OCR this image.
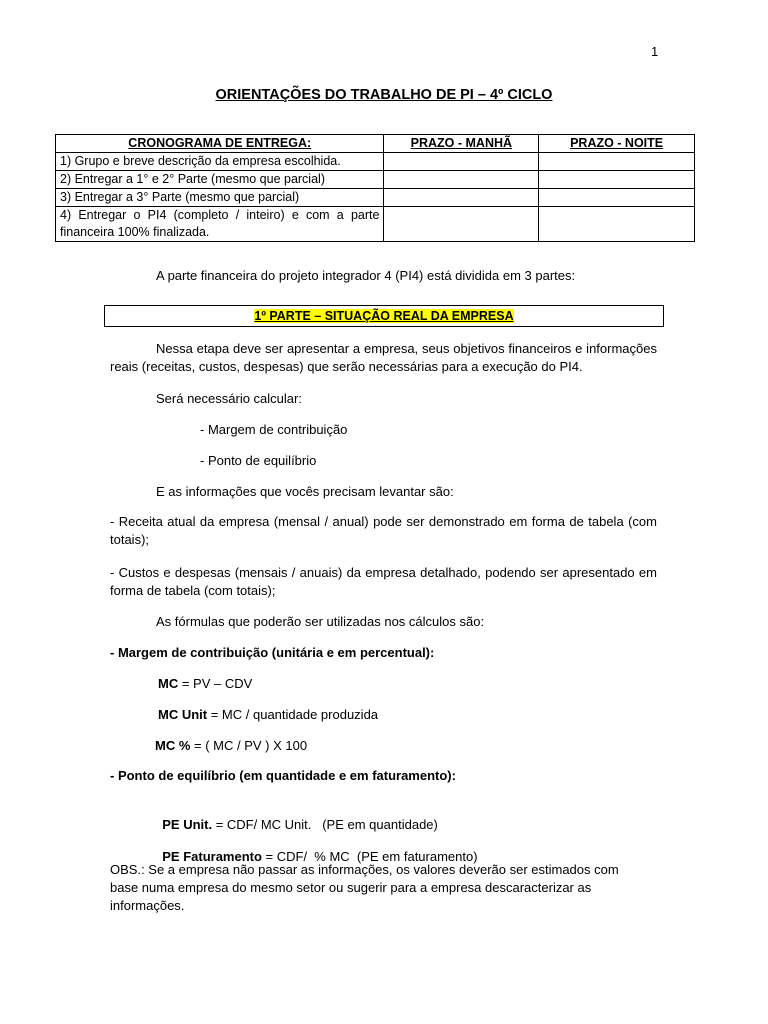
1
ORIENTAÇÕES DO TRABALHO DE PI – 4º CICLO
CRONOGRAMA DE ENTREGA:	PRAZO - MANHÃ	PRAZO - NOITE
1) Grupo e breve descrição da empresa escolhida.		
2) Entregar a 1° e 2° Parte (mesmo que parcial)		
3) Entregar a 3° Parte (mesmo que parcial)		
4) Entregar o PI4 (completo / inteiro) e com a parte financeira 100% finalizada.		
A parte financeira do projeto integrador 4 (PI4) está dividida em 3 partes:
1º PARTE – SITUAÇÃO REAL DA EMPRESA
Nessa etapa deve ser apresentar a empresa, seus objetivos financeiros e informações reais (receitas, custos, despesas) que serão necessárias para a execução do PI4.
Será necessário calcular:
- Margem de contribuição
- Ponto de equilíbrio
E as informações que vocês precisam levantar são:
- Receita atual da empresa (mensal / anual) pode ser demonstrado em forma de tabela (com totais);
- Custos e despesas (mensais / anuais) da empresa detalhado, podendo ser apresentado em forma de tabela (com totais);
As fórmulas que poderão ser utilizadas nos cálculos são:
- Margem de contribuição (unitária e em percentual):
MC = PV – CDV
MC Unit = MC / quantidade produzida
MC % = ( MC / PV ) X 100
- Ponto de equilíbrio (em quantidade e em faturamento):

PE Unit. = CDF/ MC Unit.   (PE em quantidade)

PE Faturamento = CDF/  % MC  (PE em faturamento)

OBS.: Se a empresa não passar as informações, os valores deverão ser estimados com base numa empresa do mesmo setor ou sugerir para a empresa descaracterizar as informações.
